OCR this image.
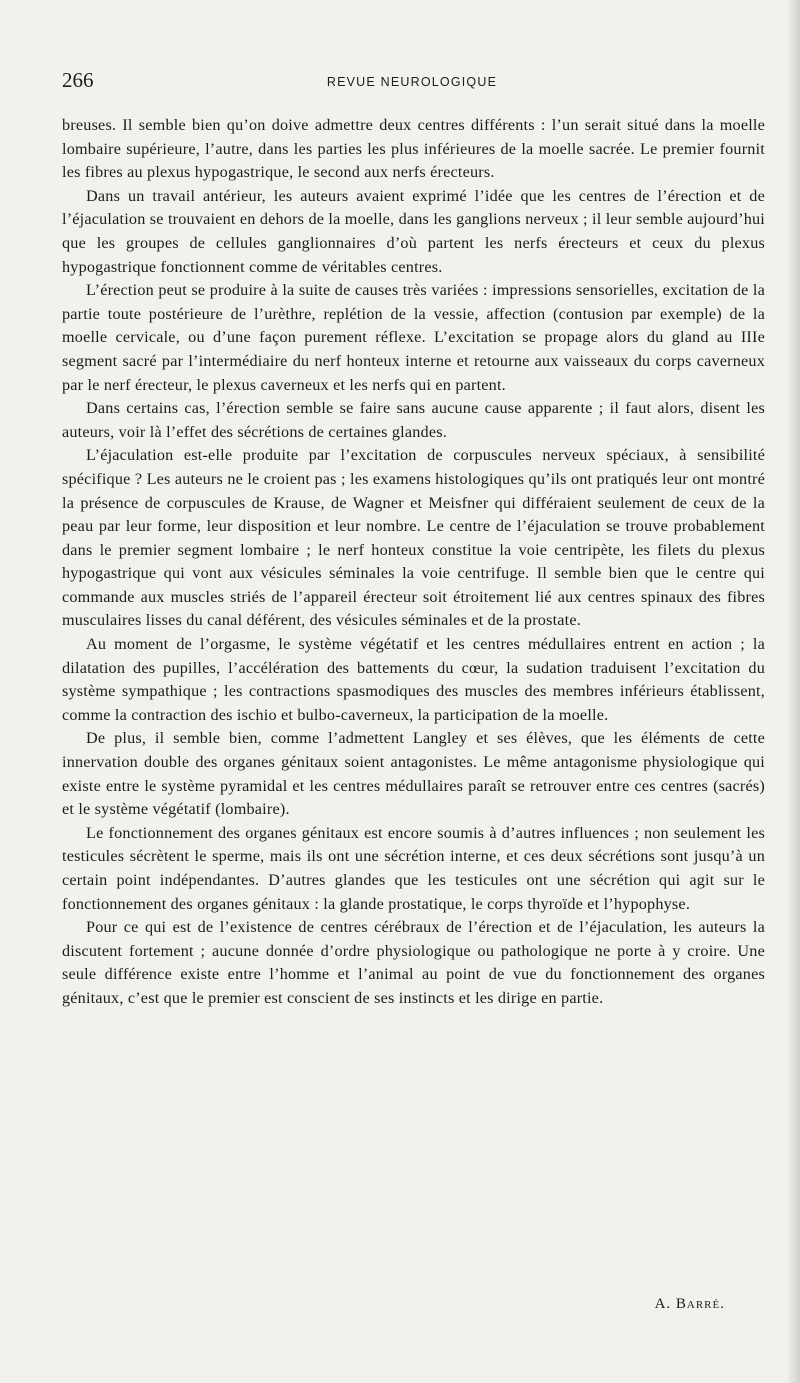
266	REVUE NEUROLOGIQUE

breuses. Il semble bien qu’on doive admettre deux centres différents : l’un serait situé dans la moelle lombaire supérieure, l’autre, dans les parties les plus inférieures de la moelle sacrée. Le premier fournit les fibres au plexus hypogastrique, le second aux nerfs érecteurs.

Dans un travail antérieur, les auteurs avaient exprimé l’idée que les centres de l’érection et de l’éjaculation se trouvaient en dehors de la moelle, dans les ganglions nerveux ; il leur semble aujourd’hui que les groupes de cellules ganglionnaires d’où partent les nerfs érecteurs et ceux du plexus hypogastrique fonctionnent comme de véritables centres.

L’érection peut se produire à la suite de causes très variées : impressions sensorielles, excitation de la partie toute postérieure de l’urèthre, replétion de la vessie, affection (contusion par exemple) de la moelle cervicale, ou d’une façon purement réflexe. L’excitation se propage alors du gland au IIIe segment sacré par l’intermédiaire du nerf honteux interne et retourne aux vaisseaux du corps caverneux par le nerf érecteur, le plexus caverneux et les nerfs qui en partent.

Dans certains cas, l’érection semble se faire sans aucune cause apparente ; il faut alors, disent les auteurs, voir là l’effet des sécrétions de certaines glandes.

L’éjaculation est-elle produite par l’excitation de corpuscules nerveux spéciaux, à sensibilité spécifique ? Les auteurs ne le croient pas ; les examens histologiques qu’ils ont pratiqués leur ont montré la présence de corpuscules de Krause, de Wagner et Meisfner qui différaient seulement de ceux de la peau par leur forme, leur disposition et leur nombre. Le centre de l’éjaculation se trouve probablement dans le premier segment lombaire ; le nerf honteux constitue la voie centripète, les filets du plexus hypogastrique qui vont aux vésicules séminales la voie centrifuge. Il semble bien que le centre qui commande aux muscles striés de l’appareil érecteur soit étroitement lié aux centres spinaux des fibres musculaires lisses du canal déférent, des vésicules séminales et de la prostate.

Au moment de l’orgasme, le système végétatif et les centres médullaires entrent en action ; la dilatation des pupilles, l’accélération des battements du cœur, la sudation traduisent l’excitation du système sympathique ; les contractions spasmodiques des muscles des membres inférieurs établissent, comme la contraction des ischio et bulbo-caverneux, la participation de la moelle.

De plus, il semble bien, comme l’admettent Langley et ses élèves, que les éléments de cette innervation double des organes génitaux soient antagonistes. Le même antagonisme physiologique qui existe entre le système pyramidal et les centres médullaires paraît se retrouver entre ces centres (sacrés) et le système végétatif (lombaire).

Le fonctionnement des organes génitaux est encore soumis à d’autres influences ; non seulement les testicules sécrètent le sperme, mais ils ont une sécrétion interne, et ces deux sécrétions sont jusqu’à un certain point indépendantes. D’autres glandes que les testicules ont une sécrétion qui agit sur le fonctionnement des organes génitaux : la glande prostatique, le corps thyroïde et l’hypophyse.

Pour ce qui est de l’existence de centres cérébraux de l’érection et de l’éjaculation, les auteurs la discutent fortement ; aucune donnée d’ordre physiologique ou pathologique ne porte à y croire. Une seule différence existe entre l’homme et l’animal au point de vue du fonctionnement des organes génitaux, c’est que le premier est conscient de ses instincts et les dirige en partie.

A. Barré.
